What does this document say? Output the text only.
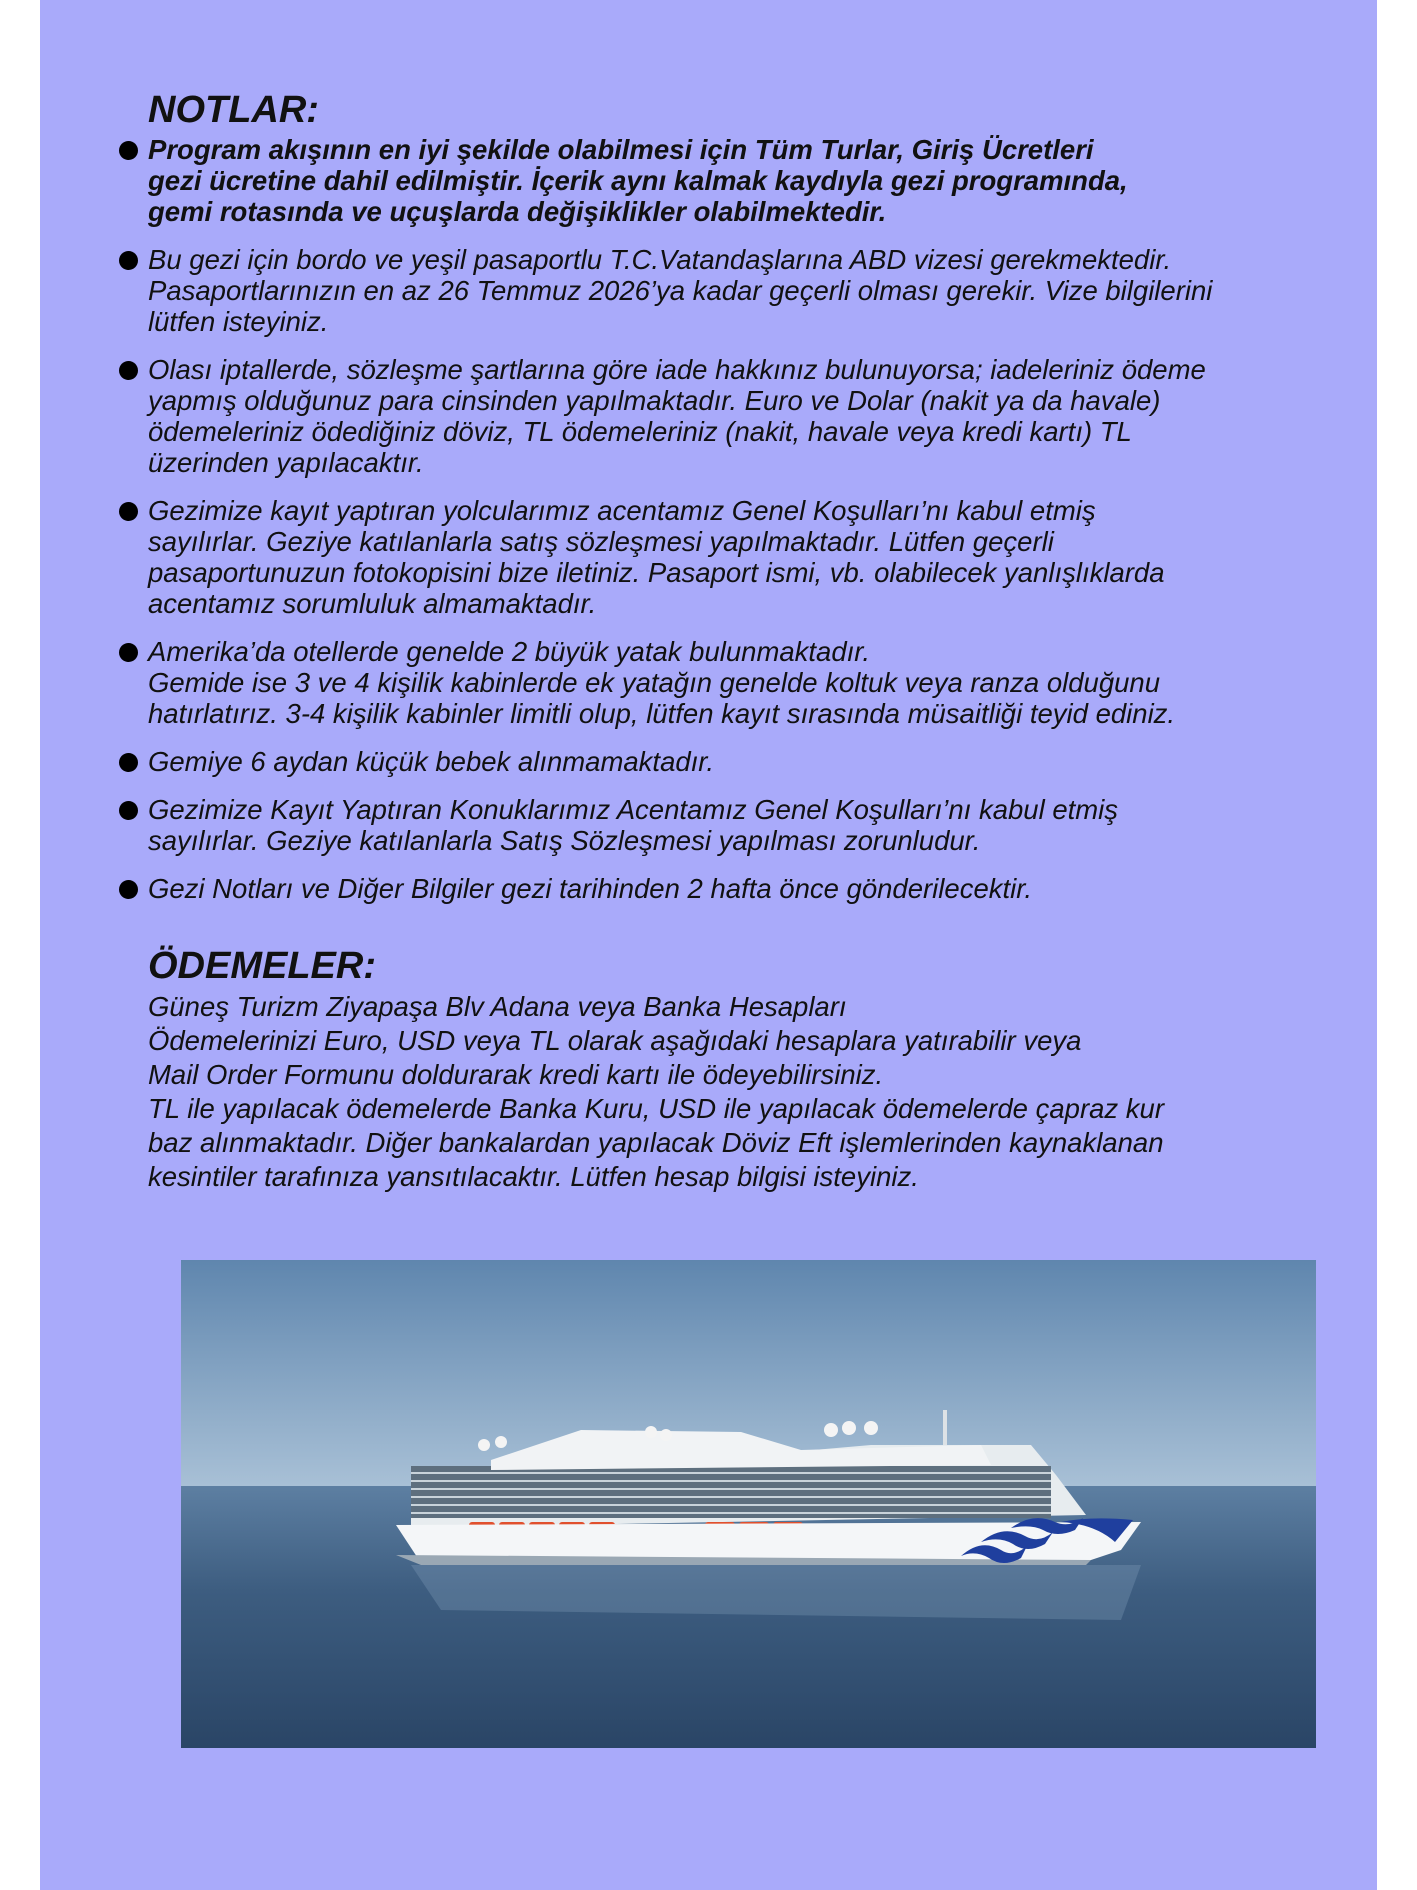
NOTLAR:
Program akışının en iyi şekilde olabilmesi için Tüm Turlar, Giriş Ücretleri
gezi ücretine dahil edilmiştir. İçerik aynı kalmak kaydıyla gezi programında,
gemi rotasında ve uçuşlarda değişiklikler olabilmektedir.
Bu gezi için bordo ve yeşil pasaportlu T.C.Vatandaşlarına ABD vizesi gerekmektedir.
Pasaportlarınızın en az 26 Temmuz 2026’ya kadar geçerli olması gerekir. Vize bilgilerini
lütfen isteyiniz.
Olası iptallerde, sözleşme şartlarına göre iade hakkınız bulunuyorsa; iadeleriniz ödeme
yapmış olduğunuz para cinsinden yapılmaktadır. Euro ve Dolar (nakit ya da havale)
ödemeleriniz ödediğiniz döviz, TL ödemeleriniz (nakit, havale veya kredi kartı) TL
üzerinden yapılacaktır.
Gezimize kayıt yaptıran yolcularımız acentamız Genel Koşulları’nı kabul etmiş
sayılırlar. Geziye katılanlarla satış sözleşmesi yapılmaktadır. Lütfen geçerli
pasaportunuzun fotokopisini bize iletiniz. Pasaport ismi, vb. olabilecek yanlışlıklarda
acentamız sorumluluk almamaktadır.
Amerika’da otellerde genelde 2 büyük yatak bulunmaktadır.
Gemide ise 3 ve 4 kişilik kabinlerde ek yatağın genelde koltuk veya ranza olduğunu
hatırlatırız. 3-4 kişilik kabinler limitli olup, lütfen kayıt sırasında müsaitliği teyid ediniz.
Gemiye 6 aydan küçük bebek alınmamaktadır.
Gezimize Kayıt Yaptıran Konuklarımız Acentamız Genel Koşulları’nı kabul etmiş
sayılırlar. Geziye katılanlarla Satış Sözleşmesi yapılması zorunludur.
Gezi Notları ve Diğer Bilgiler gezi tarihinden 2 hafta önce gönderilecektir.
ÖDEMELER:
Güneş Turizm Ziyapaşa Blv Adana veya Banka Hesapları
Ödemelerinizi Euro, USD veya TL olarak aşağıdaki hesaplara yatırabilir veya
Mail Order Formunu doldurarak kredi kartı ile ödeyebilirsiniz.
TL ile yapılacak ödemelerde Banka Kuru, USD ile yapılacak ödemelerde çapraz kur
baz alınmaktadır. Diğer bankalardan yapılacak Döviz Eft işlemlerinden kaynaklanan
kesintiler tarafınıza yansıtılacaktır. Lütfen hesap bilgisi isteyiniz.
